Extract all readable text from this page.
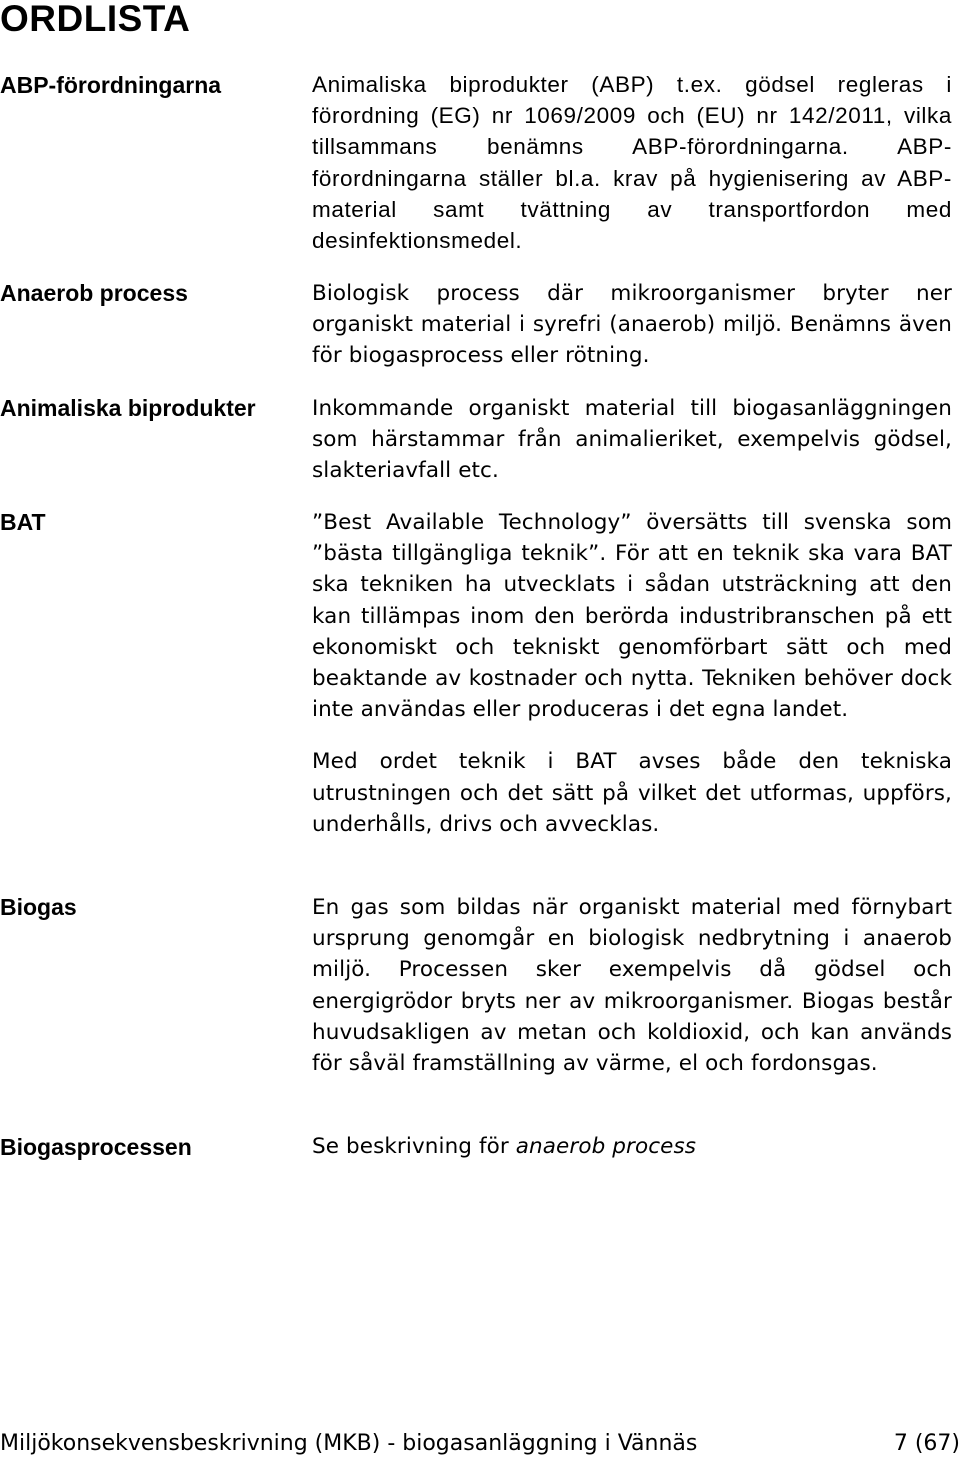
ORDLISTA
ABP-förordningarna	Animaliska biprodukter (ABP) t.ex. gödsel regleras i förordning (EG) nr 1069/2009 och (EU) nr 142/2011, vilka tillsammans benämns ABP-förordningarna. ABP-förordningarna ställer bl.a. krav på hygienisering av ABP-material samt tvättning av transportfordon med desinfektionsmedel.

Anaerob process	Biologisk process där mikroorganismer bryter ner organiskt material i syrefri (anaerob) miljö. Benämns även för biogasprocess eller rötning.

Animaliska biprodukter	Inkommande organiskt material till biogasanläggningen som härstammar från animalieriket, exempelvis gödsel, slakteriavfall etc.

BAT	”Best Available Technology” översätts till svenska som ”bästa tillgängliga teknik”. För att en teknik ska vara BAT ska tekniken ha utvecklats i sådan utsträckning att den kan tillämpas inom den berörda industribranschen på ett ekonomiskt och tekniskt genomförbart sätt och med beaktande av kostnader och nytta. Tekniken behöver dock inte användas eller produceras i det egna landet.

Med ordet teknik i BAT avses både den tekniska utrustningen och det sätt på vilket det utformas, uppförs, underhålls, drivs och avvecklas.

Biogas	En gas som bildas när organiskt material med förnybart ursprung genomgår en biologisk nedbrytning i anaerob miljö. Processen sker exempelvis då gödsel och energigrödor bryts ner av mikroorganismer. Biogas består huvudsakligen av metan och koldioxid, och kan används för såväl framställning av värme, el och fordonsgas.

Biogasprocessen	Se beskrivning för anaerob process

Miljökonsekvensbeskrivning (MKB) - biogasanläggning i Vännäs	7 (67)
